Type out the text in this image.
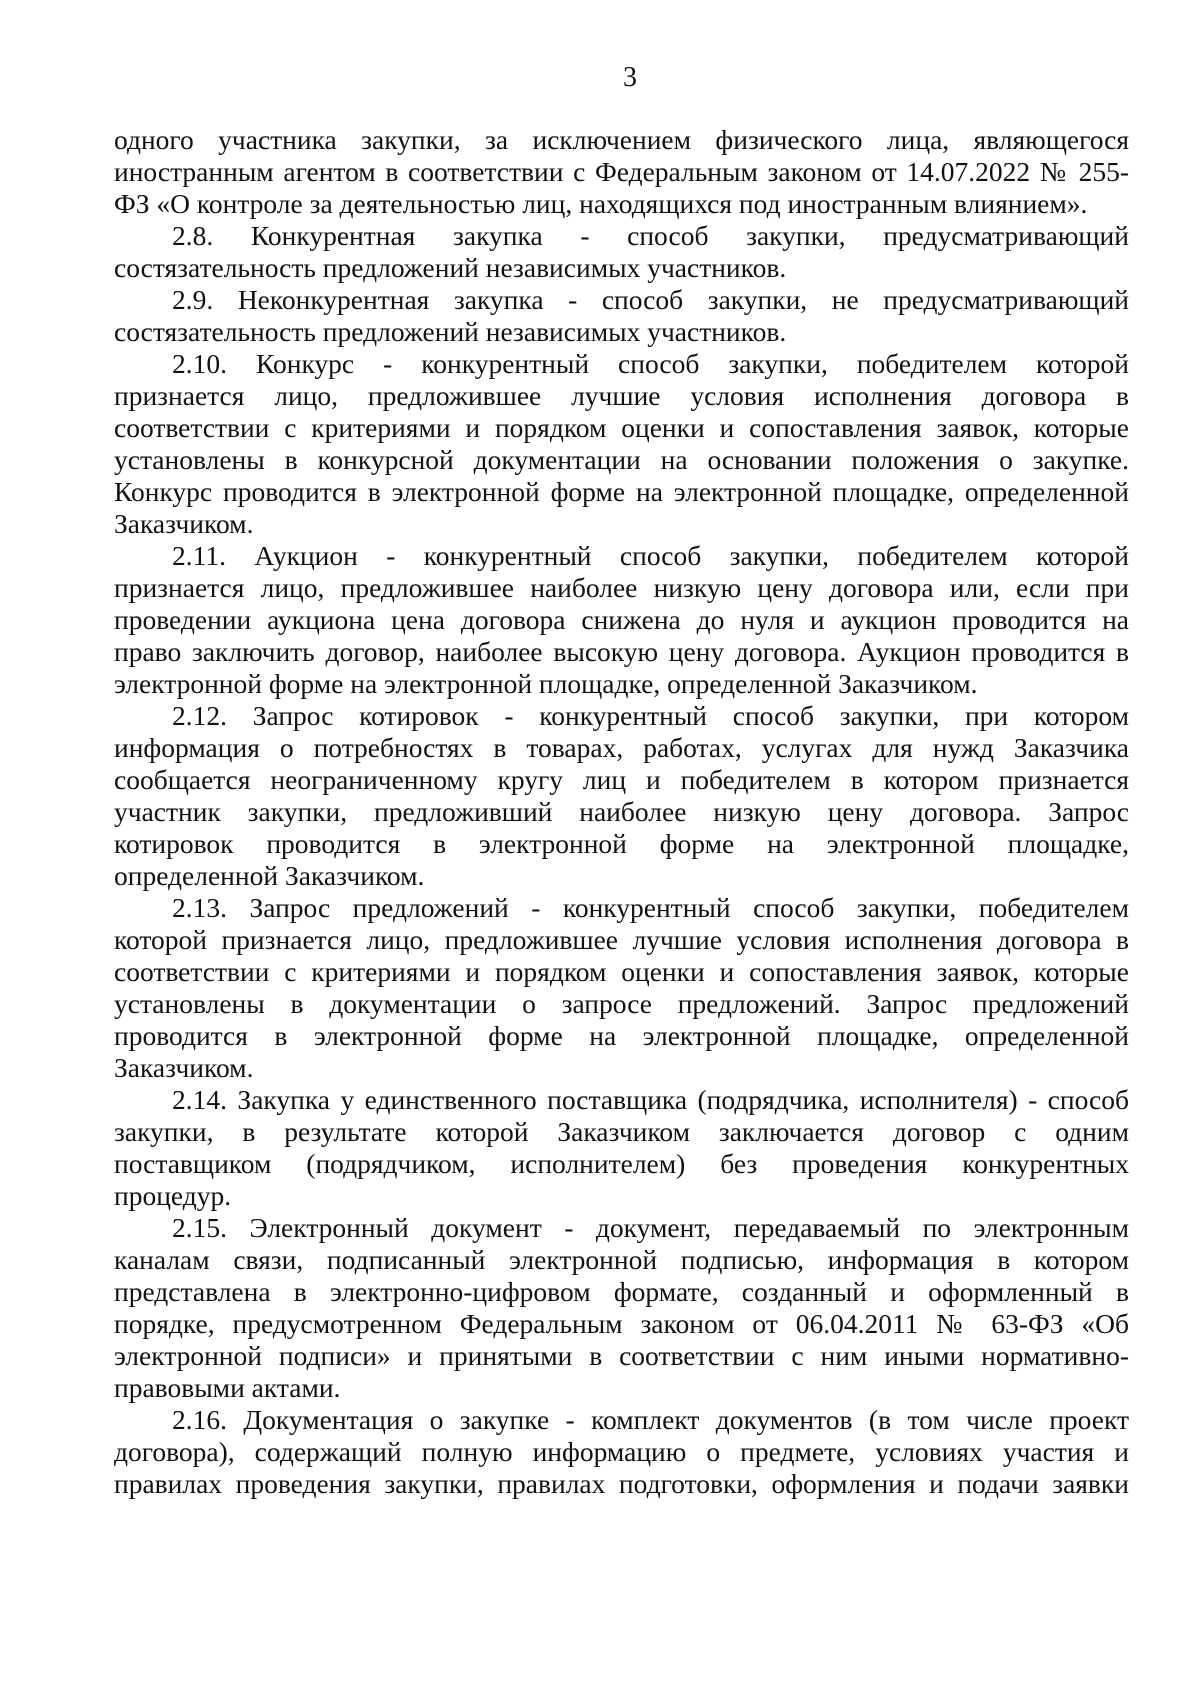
3
одного участника закупки, за исключением физического лица, являющегося
иностранным агентом в соответствии с Федеральным законом от 14.07.2022 № 255-
ФЗ «О контроле за деятельностью лиц, находящихся под иностранным влиянием».
2.8. Конкурентная закупка - способ закупки, предусматривающий
состязательность предложений независимых участников.
2.9. Неконкурентная закупка - способ закупки, не предусматривающий
состязательность предложений независимых участников.
2.10. Конкурс - конкурентный способ закупки, победителем которой
признается лицо, предложившее лучшие условия исполнения договора в
соответствии с критериями и порядком оценки и сопоставления заявок, которые
установлены в конкурсной документации на основании положения о закупке.
Конкурс проводится в электронной форме на электронной площадке, определенной
Заказчиком.
2.11. Аукцион - конкурентный способ закупки, победителем которой
признается лицо, предложившее наиболее низкую цену договора или, если при
проведении аукциона цена договора снижена до нуля и аукцион проводится на
право заключить договор, наиболее высокую цену договора. Аукцион проводится в
электронной форме на электронной площадке, определенной Заказчиком.
2.12. Запрос котировок - конкурентный способ закупки, при котором
информация о потребностях в товарах, работах, услугах для нужд Заказчика
сообщается неограниченному кругу лиц и победителем в котором признается
участник закупки, предложивший наиболее низкую цену договора. Запрос
котировок проводится в электронной форме на электронной площадке,
определенной Заказчиком.
2.13. Запрос предложений - конкурентный способ закупки, победителем
которой признается лицо, предложившее лучшие условия исполнения договора в
соответствии с критериями и порядком оценки и сопоставления заявок, которые
установлены в документации о запросе предложений. Запрос предложений
проводится в электронной форме на электронной площадке, определенной
Заказчиком.
2.14. Закупка у единственного поставщика (подрядчика, исполнителя) - способ
закупки, в результате которой Заказчиком заключается договор с одним
поставщиком (подрядчиком, исполнителем) без проведения конкурентных
процедур.
2.15. Электронный документ - документ, передаваемый по электронным
каналам связи, подписанный электронной подписью, информация в котором
представлена в электронно-цифровом формате, созданный и оформленный в
порядке, предусмотренном Федеральным законом от 06.04.2011 № 63-ФЗ «Об
электронной подписи» и принятыми в соответствии с ним иными нормативно-
правовыми актами.
2.16. Документация о закупке - комплект документов (в том числе проект
договора), содержащий полную информацию о предмете, условиях участия и
правилах проведения закупки, правилах подготовки, оформления и подачи заявки
